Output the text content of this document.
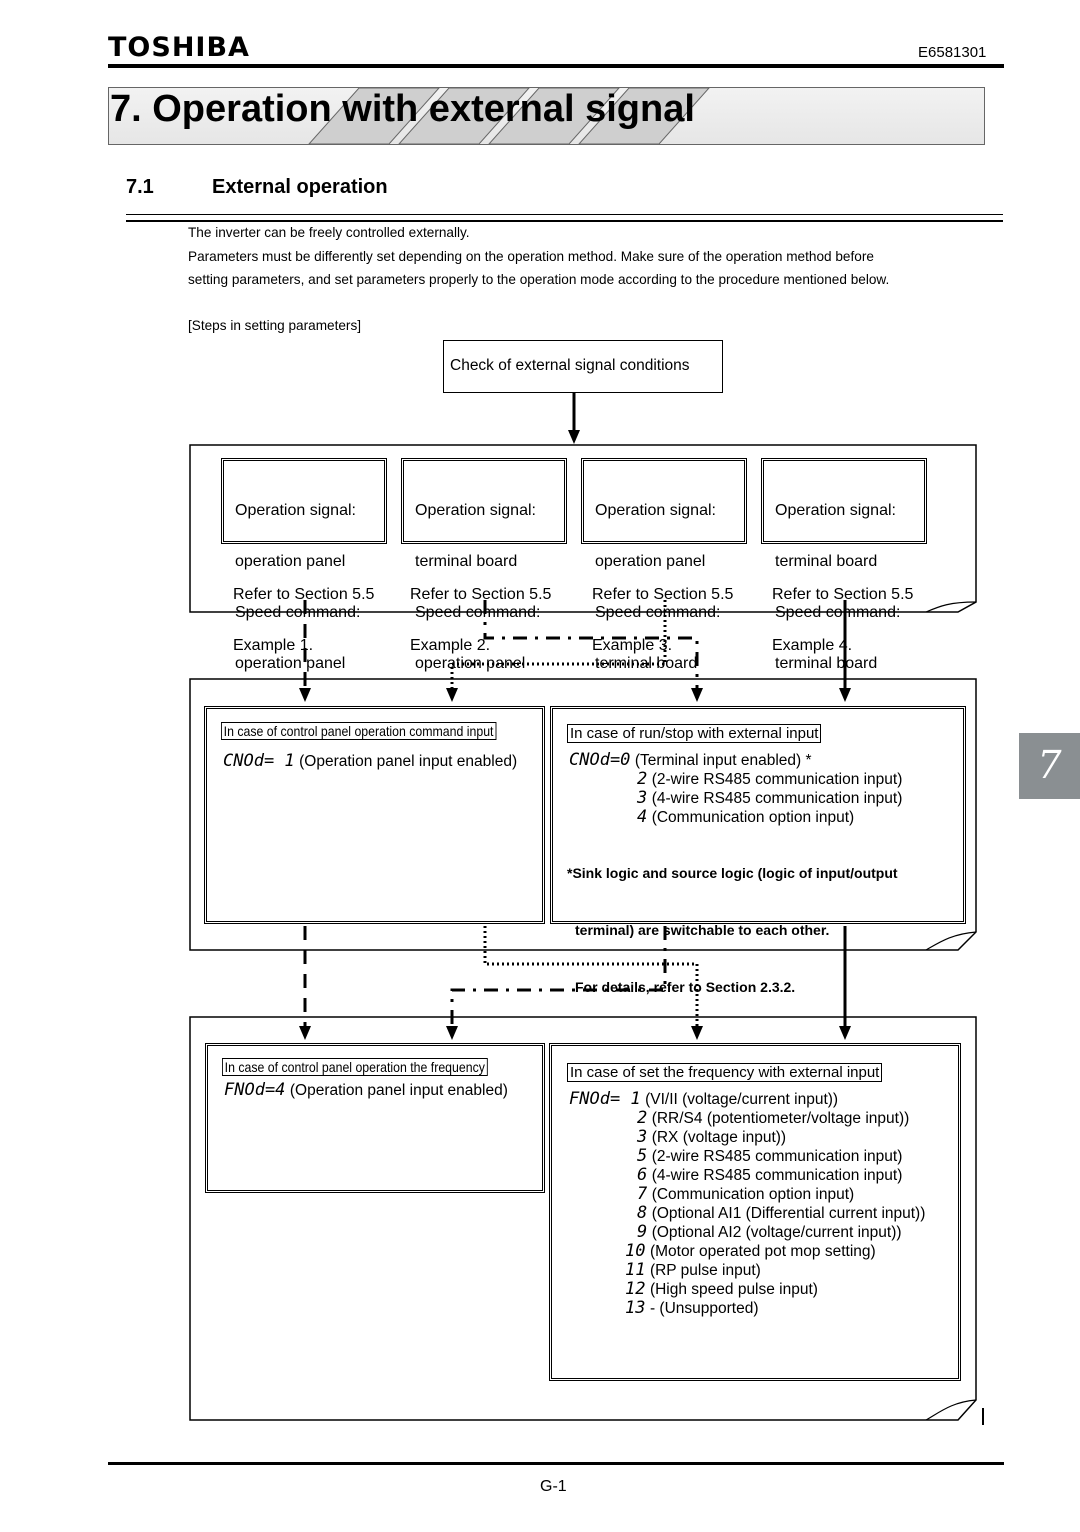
TOSHIBA	E6581301
7. Operation with external signal
7.1	External operation
The inverter can be freely controlled externally.
Parameters must be differently set depending on the operation method. Make sure of the operation method before
setting parameters, and set parameters properly to the operation mode according to the procedure mentioned below.
[Steps in setting parameters]
Check of external signal conditions

Operation signal:

operation panel

Speed command:

operation panel

Operation signal:

terminal board

Speed command:

operation panel

Operation signal:

operation panel

Speed command:

terminal board

Operation signal:

terminal board

Speed command:

terminal board

Refer to Section 5.5

Example 1.

Refer to Section 5.5

Example 2.

Refer to Section 5.5

Example 3.

Refer to Section 5.5

Example 4.

In case of control panel operation command input
CNOd= 1 (Operation panel input enabled)
In case of run/stop with external input
CNOd=0 (Terminal input enabled) *
2 (2-wire RS485 communication input)
3 (4-wire RS485 communication input)
4 (Communication option input)

*Sink logic and source logic (logic of input/output

terminal) are switchable to each other.

For details, refer to Section 2.3.2.

In case of control panel operation the frequency
FNOd=4 (Operation panel input enabled)
In case of set the frequency with external input
FNOd= 1 (VI/II (voltage/current input))
2 (RR/S4 (potentiometer/voltage input))
3 (RX (voltage input))
5 (2-wire RS485 communication input)
6 (4-wire RS485 communication input)
7 (Communication option input)
8 (Optional AI1 (Differential current input))
9 (Optional AI2 (voltage/current input))
10 (Motor operated pot mop setting)
11 (RP pulse input)
12 (High speed pulse input)
13 - (Unsupported)
7
G-1
